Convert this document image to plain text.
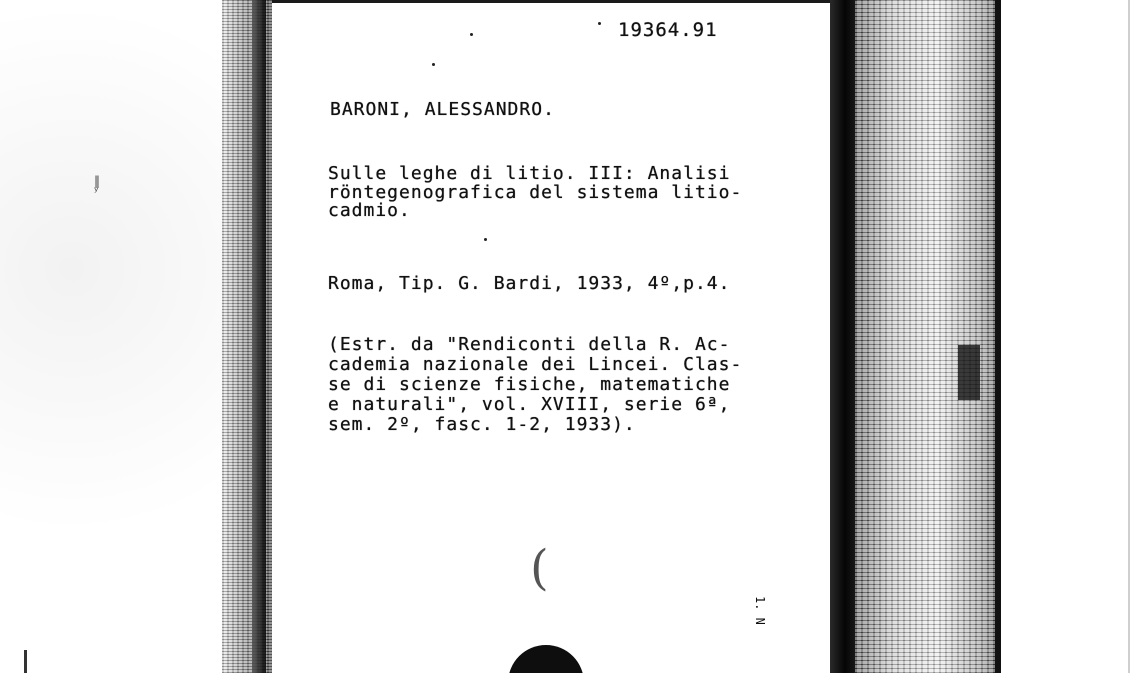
‖
ʸ
19364.91
BARONI, ALESSANDRO.
Sulle leghe di litio. III: Analisi
röntegenografica del sistema litio-
cadmio.
Roma, Tip. G. Bardi, 1933, 4º,p.4.
(Estr. da "Rendiconti della R. Ac-
cademia nazionale dei Lincei. Clas-
se di scienze fisiche, matematiche
e naturali", vol. XVIII, serie 6ª,
sem. 2º, fasc. 1-2, 1933).
(
1. N
